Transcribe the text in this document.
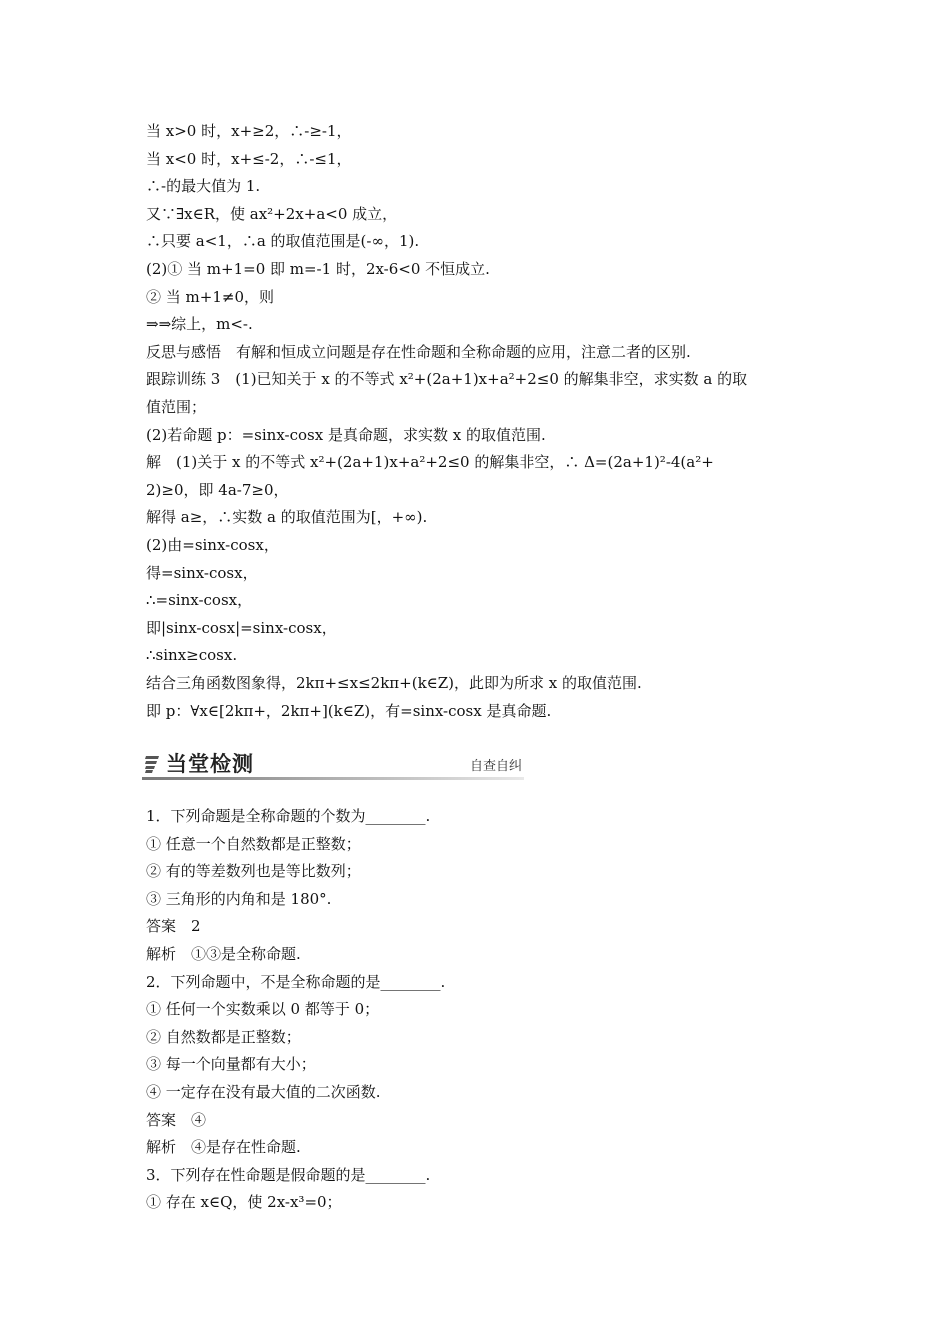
当 x>0 时，x+≥2，∴-≥-1，
当 x<0 时，x+≤-2，∴-≤1，
∴-的最大值为 1.
又∵∃x∈R，使 ax²+2x+a<0 成立，
∴只要 a<1，∴a 的取值范围是(-∞，1).
(2)① 当 m+1=0 即 m=-1 时，2x-6<0 不恒成立.
② 当 m+1≠0，则
⇒⇒综上，m<-.
反思与感悟　有解和恒成立问题是存在性命题和全称命题的应用，注意二者的区别.
跟踪训练 3　(1)已知关于 x 的不等式 x²+(2a+1)x+a²+2≤0 的解集非空，求实数 a 的取
值范围；
(2)若命题 p：=sinx-cosx 是真命题，求实数 x 的取值范围.
解　(1)关于 x 的不等式 x²+(2a+1)x+a²+2≤0 的解集非空，∴ Δ=(2a+1)²-4(a²+
2)≥0，即 4a-7≥0，
解得 a≥，∴实数 a 的取值范围为[，+∞).
(2)由=sinx-cosx，
得=sinx-cosx，
∴=sinx-cosx，
即|sinx-cosx|=sinx-cosx，
∴sinx≥cosx.
结合三角函数图象得，2kπ+≤x≤2kπ+(k∈Z)，此即为所求 x 的取值范围.
即 p：∀x∈[2kπ+，2kπ+](k∈Z)，有=sinx-cosx 是真命题.
当堂检测	自查自纠
1．下列命题是全称命题的个数为________.
① 任意一个自然数都是正整数；
② 有的等差数列也是等比数列；
③ 三角形的内角和是 180°.
答案　2
解析　①③是全称命题.
2．下列命题中，不是全称命题的是________.
① 任何一个实数乘以 0 都等于 0；
② 自然数都是正整数；
③ 每一个向量都有大小；
④ 一定存在没有最大值的二次函数.
答案　④
解析　④是存在性命题.
3．下列存在性命题是假命题的是________.
① 存在 x∈Q，使 2x-x³=0；
